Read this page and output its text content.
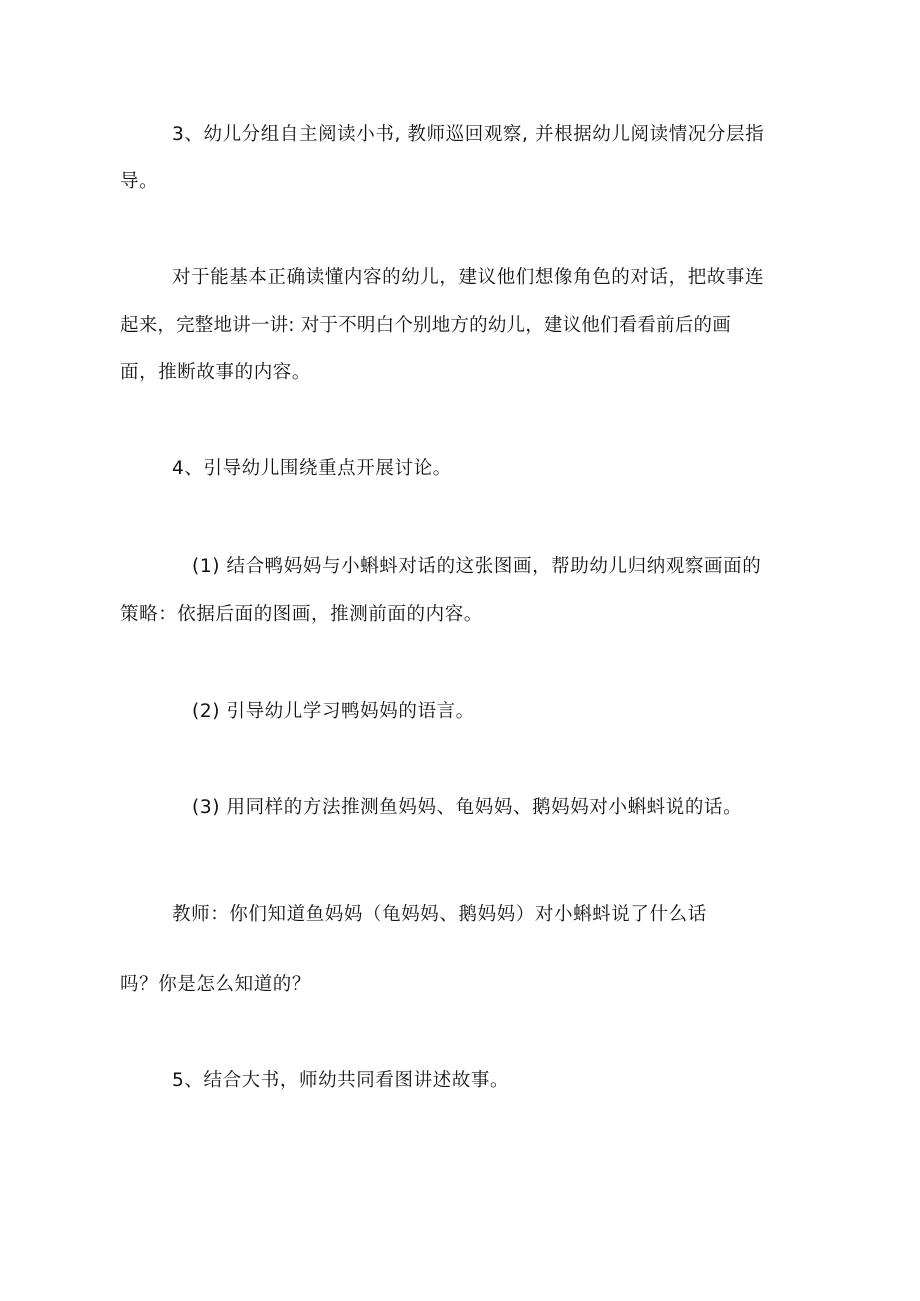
3、幼儿分组自主阅读小书, 教师巡回观察, 并根据幼儿阅读情况分层指
导。
对于能基本正确读懂内容的幼儿，建议他们想像角色的对话，把故事连
起来，完整地讲一讲: 对于不明白个别地方的幼儿，建议他们看看前后的画
面，推断故事的内容。
4、引导幼儿围绕重点开展讨论。
(1) 结合鸭妈妈与小蝌蚪对话的这张图画，帮助幼儿归纳观察画面的
策略：依据后面的图画，推测前面的内容。
(2) 引导幼儿学习鸭妈妈的语言。
(3) 用同样的方法推测鱼妈妈、龟妈妈、鹅妈妈对小蝌蚪说的话。
教师：你们知道鱼妈妈（龟妈妈、鹅妈妈）对小蝌蚪说了什么话
吗？你是怎么知道的？
5、结合大书，师幼共同看图讲述故事。
